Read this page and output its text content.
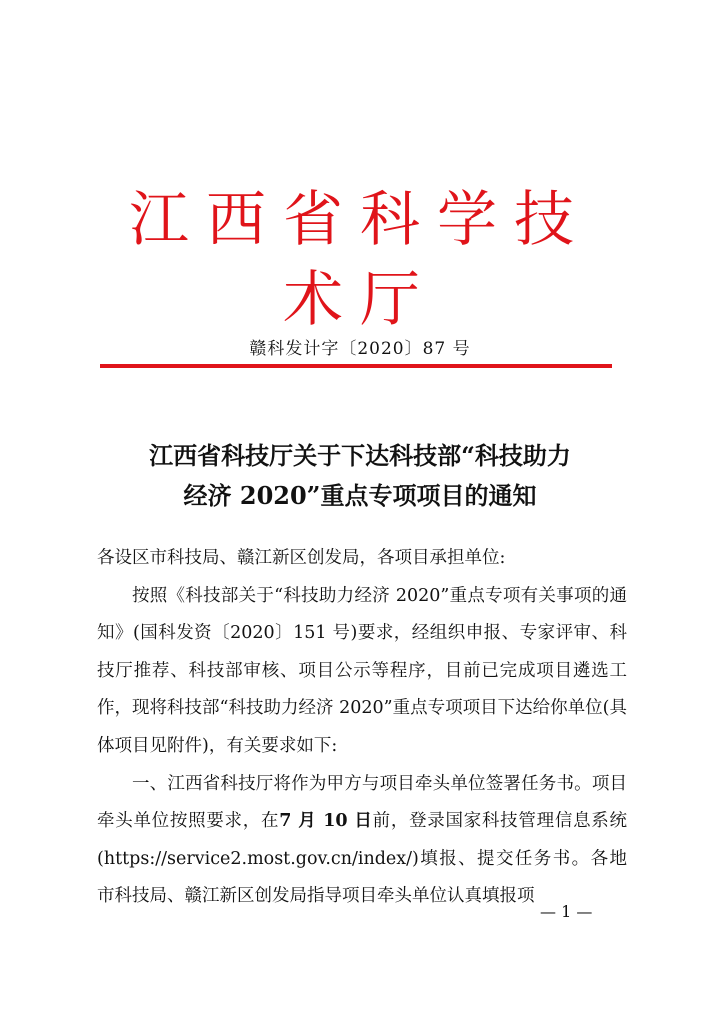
江西省科学技术厅
赣科发计字〔2020〕87 号
江西省科技厅关于下达科技部“科技助力
经济 2020”重点专项项目的通知

各设区市科技局、赣江新区创发局，各项目承担单位:

按照《科技部关于“科技助力经济 2020”重点专项有关事项的通知》(国科发资〔2020〕151 号)要求，经组织申报、专家评审、科技厅推荐、科技部审核、项目公示等程序，目前已完成项目遴选工作，现将科技部“科技助力经济 2020”重点专项项目下达给你单位(具体项目见附件)，有关要求如下:

一、江西省科技厅将作为甲方与项目牵头单位签署任务书。项目牵头单位按照要求，在7 月 10 日前，登录国家科技管理信息系统(https://service2.most.gov.cn/index/)填报、提交任务书。各地市科技局、赣江新区创发局指导项目牵头单位认真填报项

— 1 —
